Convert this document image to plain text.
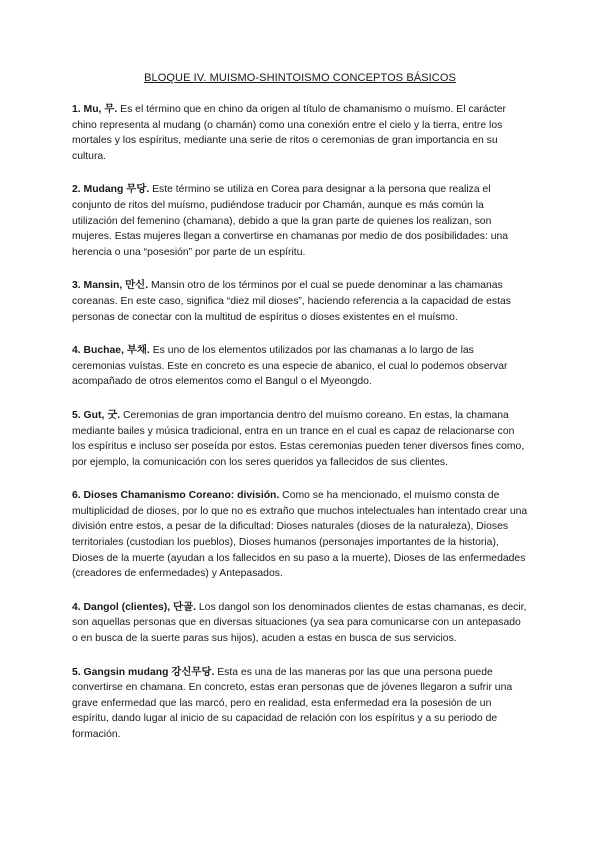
BLOQUE IV. MUISMO-SHINTOISMO CONCEPTOS BÁSICOS

1. Mu, 무. Es el término que en chino da origen al título de chamanismo o muísmo. El carácter chino representa al mudang (o chamán) como una conexión entre el cielo y la tierra, entre los mortales y los espíritus, mediante una serie de ritos o ceremonias de gran importancia en su cultura.

2. Mudang 무당. Este término se utiliza en Corea para designar a la persona que realiza el conjunto de ritos del muísmo, pudiéndose traducir por Chamán, aunque es más común la utilización del femenino (chamana), debido a que la gran parte de quienes los realizan, son mujeres. Estas mujeres llegan a convertirse en chamanas por medio de dos posibilidades: una herencia o una “posesión” por parte de un espíritu.

3. Mansin, 만신. Mansin otro de los términos por el cual se puede denominar a las chamanas coreanas. En este caso, significa “diez mil dioses”, haciendo referencia a la capacidad de estas personas de conectar con la multitud de espíritus o dioses existentes en el muísmo.

4. Buchae, 부채. Es uno de los elementos utilizados por las chamanas a lo largo de las ceremonias vuístas. Este en concreto es una especie de abanico, el cual lo podemos observar acompañado de otros elementos como el Bangul o el Myeongdo.

5. Gut, 굿. Ceremonias de gran importancia dentro del muísmo coreano. En estas, la chamana mediante bailes y música tradicional, entra en un trance en el cual es capaz de relacionarse con los espíritus e incluso ser poseída por estos. Estas ceremonias pueden tener diversos fines como, por ejemplo, la comunicación con los seres queridos ya fallecidos de sus clientes.

6. Dioses Chamanismo Coreano: división. Como se ha mencionado, el muísmo consta de multiplicidad de dioses, por lo que no es extraño que muchos intelectuales han intentado crear una división entre estos, a pesar de la dificultad: Dioses naturales (dioses de la naturaleza), Dioses territoriales (custodian los pueblos), Dioses humanos (personajes importantes de la historia), Dioses de la muerte (ayudan a los fallecidos en su paso a la muerte), Dioses de las enfermedades (creadores de enfermedades) y Antepasados.

4. Dangol (clientes), 단골. Los dangol son los denominados clientes de estas chamanas, es decir, son aquellas personas que en diversas situaciones (ya sea para comunicarse con un antepasado o en busca de la suerte paras sus hijos), acuden a estas en busca de sus servicios.

5. Gangsin mudang 강신무당. Esta es una de las maneras por las que una persona puede convertirse en chamana. En concreto, estas eran personas que de jóvenes llegaron a sufrir una grave enfermedad que las marcó, pero en realidad, esta enfermedad era la posesión de un espíritu, dando lugar al inicio de su capacidad de relación con los espíritus y a su periodo de formación.
